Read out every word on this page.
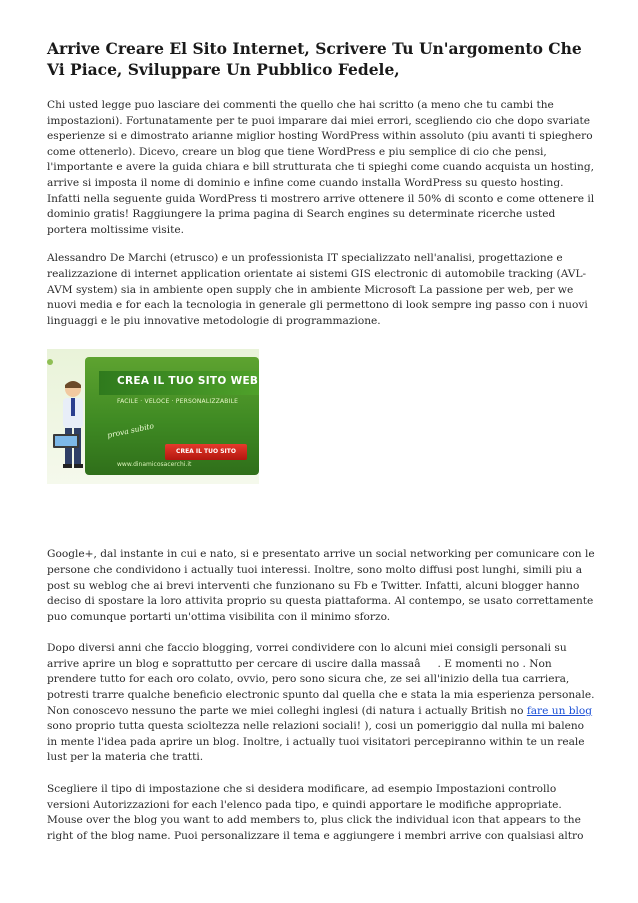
Arrive Creare El Sito Internet, Scrivere Tu Un'argomento Che Vi Piace, Sviluppare Un Pubblico Fedele,

Chi usted legge puo lasciare dei commenti the quello che hai scritto (a meno che tu cambi the impostazioni). Fortunatamente per te puoi imparare dai miei errori, scegliendo cio che dopo svariate esperienze si e dimostrato arianne miglior hosting WordPress within assoluto (piu avanti ti spieghero come ottenerlo). Dicevo, creare un blog que tiene WordPress e piu semplice di cio che pensi, l'importante e avere la guida chiara e bill strutturata che ti spieghi come cuando acquista un hosting, arrive si imposta il nome di dominio e infine come cuando installa WordPress su questo hosting. Infatti nella seguente guida WordPress ti mostrero arrive ottenere il 50% di sconto e come ottenere il dominio gratis! Raggiungere la prima pagina di Search engines su determinate ricerche usted portera moltissime visite.

Alessandro De Marchi (etrusco) e un professionista IT specializzato nell'analisi, progettazione e realizzazione di internet application orientate ai sistemi GIS electronic di automobile tracking (AVL-AVM system) sia in ambiente open supply che in ambiente Microsoft La passione per web, per we nuovi media e for each la tecnologia in generale gli permettono di look sempre ing passo con i nuovi linguaggi e le piu innovative metodologie di programmazione.

CREA IL TUO SITO WEB
FACILE · VELOCE · PERSONALIZZABILE
prova subito
CREA IL TUO SITO
www.dinamicosacerchi.it

Google+, dal instante in cui e nato, si e presentato arrive un social networking per comunicare con le persone che condividono i actually tuoi interessi. Inoltre, sono molto diffusi post lunghi, simili piu a post su weblog che ai brevi interventi che funzionano su Fb e Twitter. Infatti, alcuni blogger hanno deciso di spostare la loro attivita proprio su questa piattaforma. Al contempo, se usato correttamente puo comunque portarti un'ottima visibilita con il minimo sforzo.

Dopo diversi anni che faccio blogging, vorrei condividere con lo alcuni miei consigli personali su arrive aprire un blog e soprattutto per cercare di uscire dalla massaâ. E momenti no . Non prendere tutto for each oro colato, ovvio, pero sono sicura che, ze sei all'inizio della tua carriera, potresti trarre qualche beneficio electronic spunto dal quella che e stata la mia esperienza personale. Non conoscevo nessuno the parte we miei colleghi inglesi (di natura i actually British no fare un blog sono proprio tutta questa scioltezza nelle relazioni sociali! ), cosi un pomeriggio dal nulla mi baleno in mente l'idea pada aprire un blog. Inoltre, i actually tuoi visitatori percepiranno within te un reale lust per la materia che tratti.

Scegliere il tipo di impostazione che si desidera modificare, ad esempio Impostazioni controllo versioni Autorizzazioni for each l'elenco pada tipo, e quindi apportare le modifiche appropriate. Mouse over the blog you want to add members to, plus click the individual icon that appears to the right of the blog name. Puoi personalizzare il tema e aggiungere i membri arrive con qualsiasi altro
